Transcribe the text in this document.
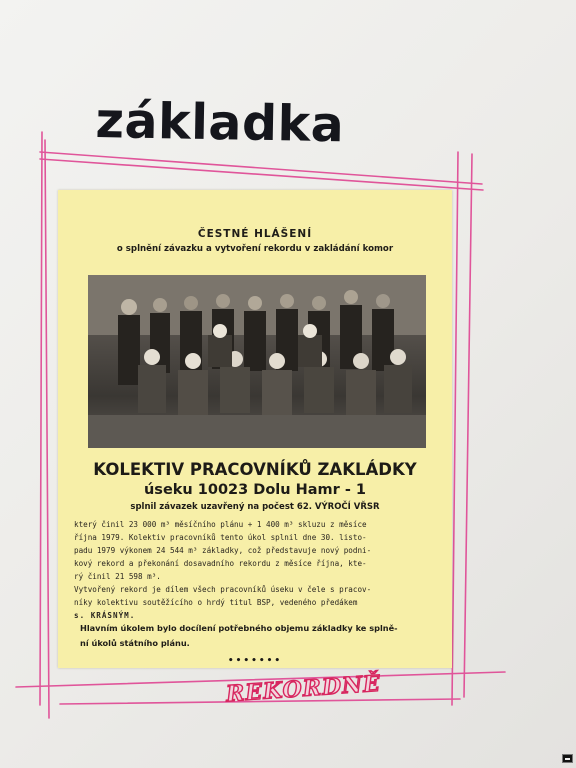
základka
ČESTNÉ HLÁŠENÍ
o splnění závazku a vytvoření rekordu v zakládání komor
KOLEKTIV PRACOVNÍKŮ ZAKLÁDKY
úseku 10023 Dolu Hamr - 1
splnil závazek uzavřený na počest 62. VÝROČÍ VŘSR
který činil 23 000 m³ měsíčního plánu + 1 400 m³ skluzu z měsíce
října 1979. Kolektiv pracovníků tento úkol splnil dne 30. listo-
padu 1979 výkonem 24 544 m³ základky, což představuje nový podni-
kový rekord a překonání dosavadního rekordu z měsíce října, kte-
rý činil 21 598 m³.
Vytvořený rekord je dílem všech pracovníků úseku v čele s pracov-
níky kolektivu soutěžícího o hrdý titul BSP, vedeného předákem
s. KRÁSNÝM.
Hlavním úkolem bylo docílení potřebného objemu základky ke splně-
ní úkolů státního plánu.
•••••••
REKORDNĚ
